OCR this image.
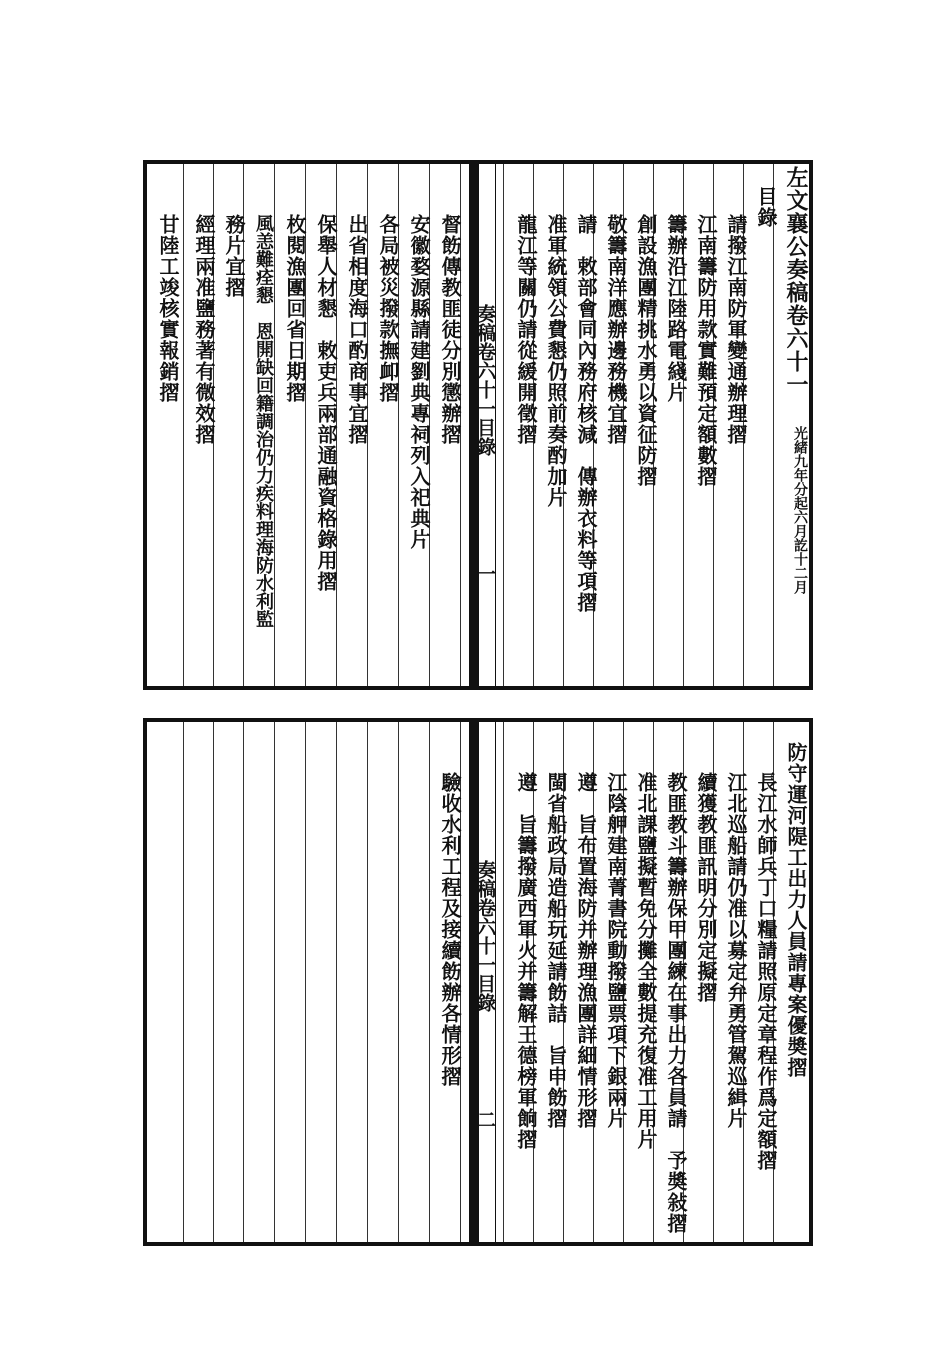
奏稿卷六十一目錄
一
左文襄公奏稿卷六十一
光緒九年分起六月訖十二月
目錄
請撥江南防軍變通辦理摺
江南籌防用款實難預定額數摺
籌辦沿江陸路電綫片
創設漁團精挑水勇以資征防摺
敬籌南洋應辦邊務機宜摺
請　敕部會同內務府核減　傳辦衣料等項摺
准軍統領公費懇仍照前奏酌加片
龍江等關仍請從緩開徵摺
督飭傳教匪徒分別懲辦摺
安徽婺源縣請建劉典專祠列入祀典片
各局被災撥款撫卹摺
出省相度海口酌商事宜摺
保舉人材懇　敕吏兵兩部通融資格錄用摺
枚閱漁團回省日期摺
風恙難痊懇　恩開缺回籍調治仍力疾料理海防水利監
務片宜摺
經理兩准鹽務著有微效摺
甘陸工竣核實報銷摺
奏稿卷六十一目錄
二
防守運河隄工出力人員請專案優奬摺
長江水師兵丁口糧請照原定章程作爲定額摺
江北巡船請仍准以募定弁勇管駕巡緝片
續獲教匪訊明分別定擬摺
教匪教斗籌辦保甲團練在事出力各員請　予奬敍摺
准北課鹽擬暫免分攤全數提充復准工用片
江陰舺建南菁書院動撥鹽票項下銀兩片
遵　旨布置海防并辦理漁團詳細情形摺
閩省船政局造船玩延請飭詰　旨申飭摺
遵　旨籌撥廣西軍火并籌解王德榜軍餉摺
驗收水利工程及接續飭辦各情形摺
